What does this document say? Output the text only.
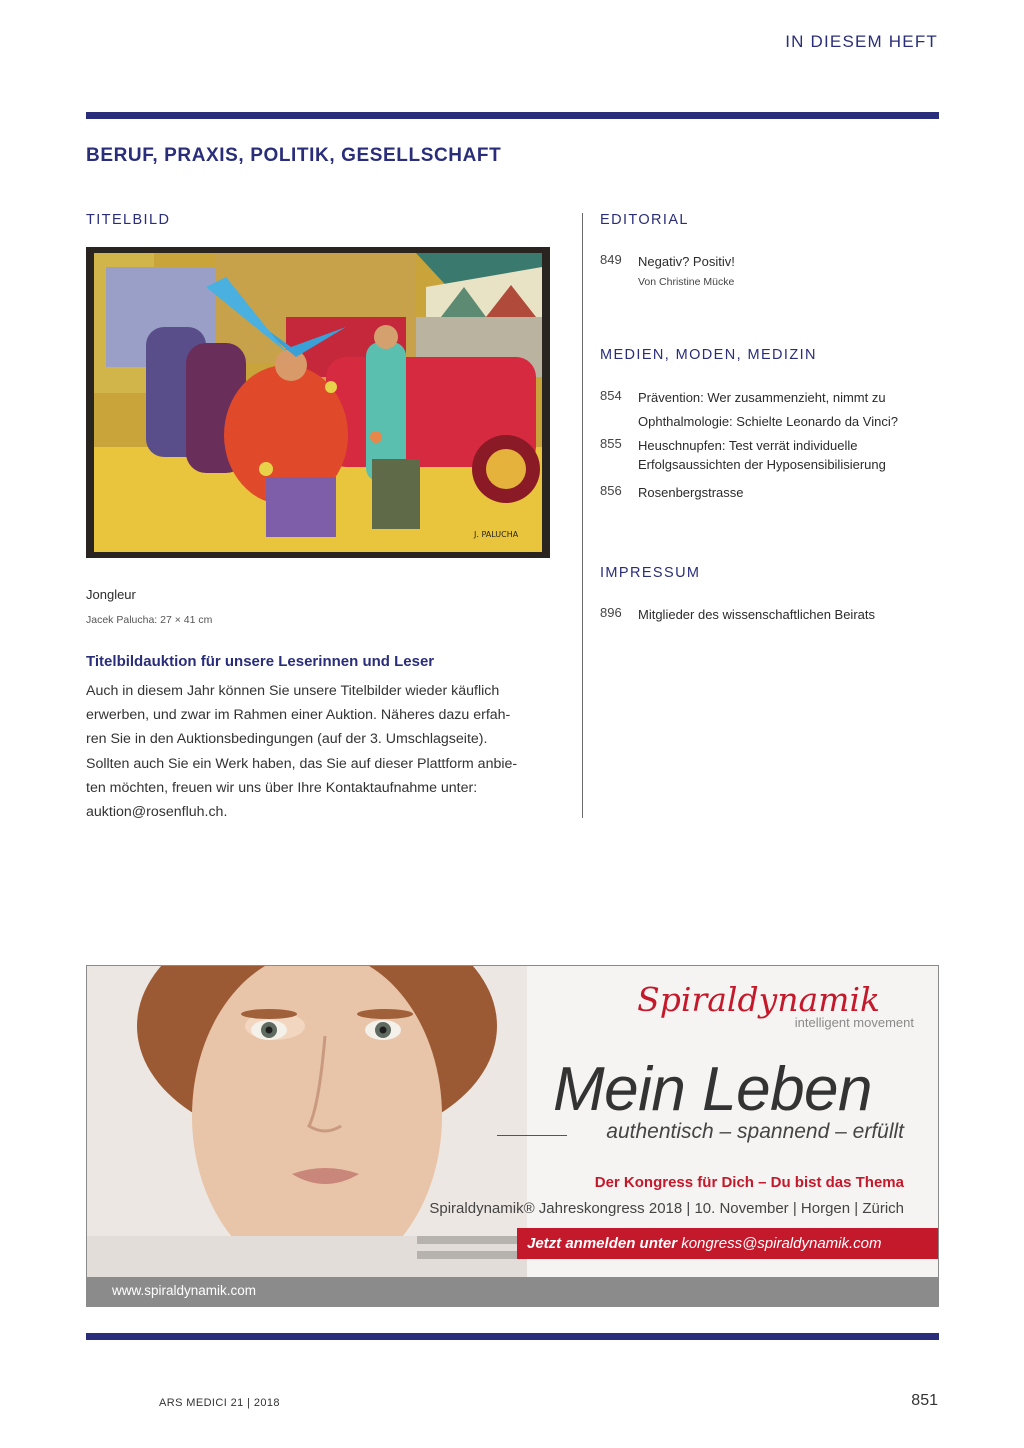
IN DIESEM HEFT
BERUF, PRAXIS, POLITIK, GESELLSCHAFT
TITELBILD
J. PALUCHA
Jongleur
Jacek Palucha: 27 × 41 cm
Titelbildauktion für unsere Leserinnen und Leser
Auch in diesem Jahr können Sie unsere Titelbilder wieder käuflich
erwerben, und zwar im Rahmen einer Auktion. Näheres dazu erfah-
ren Sie in den Auktionsbedingungen (auf der 3. Umschlagseite).
Sollten auch Sie ein Werk haben, das Sie auf dieser Plattform anbie-
ten möchten, freuen wir uns über Ihre Kontaktaufnahme unter:
auktion@rosenfluh.ch.
EDITORIAL
849 Negativ? Positiv!
Von Christine Mücke
MEDIEN, MODEN, MEDIZIN
854 Prävention: Wer zusammenzieht, nimmt zu
Ophthalmologie: Schielte Leonardo da Vinci?
855 Heuschnupfen: Test verrät individuelle
Erfolgsaussichten der Hyposensibilisierung
856 Rosenbergstrasse
IMPRESSUM
896 Mitglieder des wissenschaftlichen Beirats
Spiraldynamik
intelligent movement
Mein Leben
authentisch – spannend – erfüllt
Der Kongress für Dich – Du bist das Thema
Spiraldynamik® Jahreskongress 2018 | 10. November | Horgen | Zürich
Jetzt anmelden unter kongress@spiraldynamik.com
www.spiraldynamik.com
ARS MEDICI 21 | 2018	851
